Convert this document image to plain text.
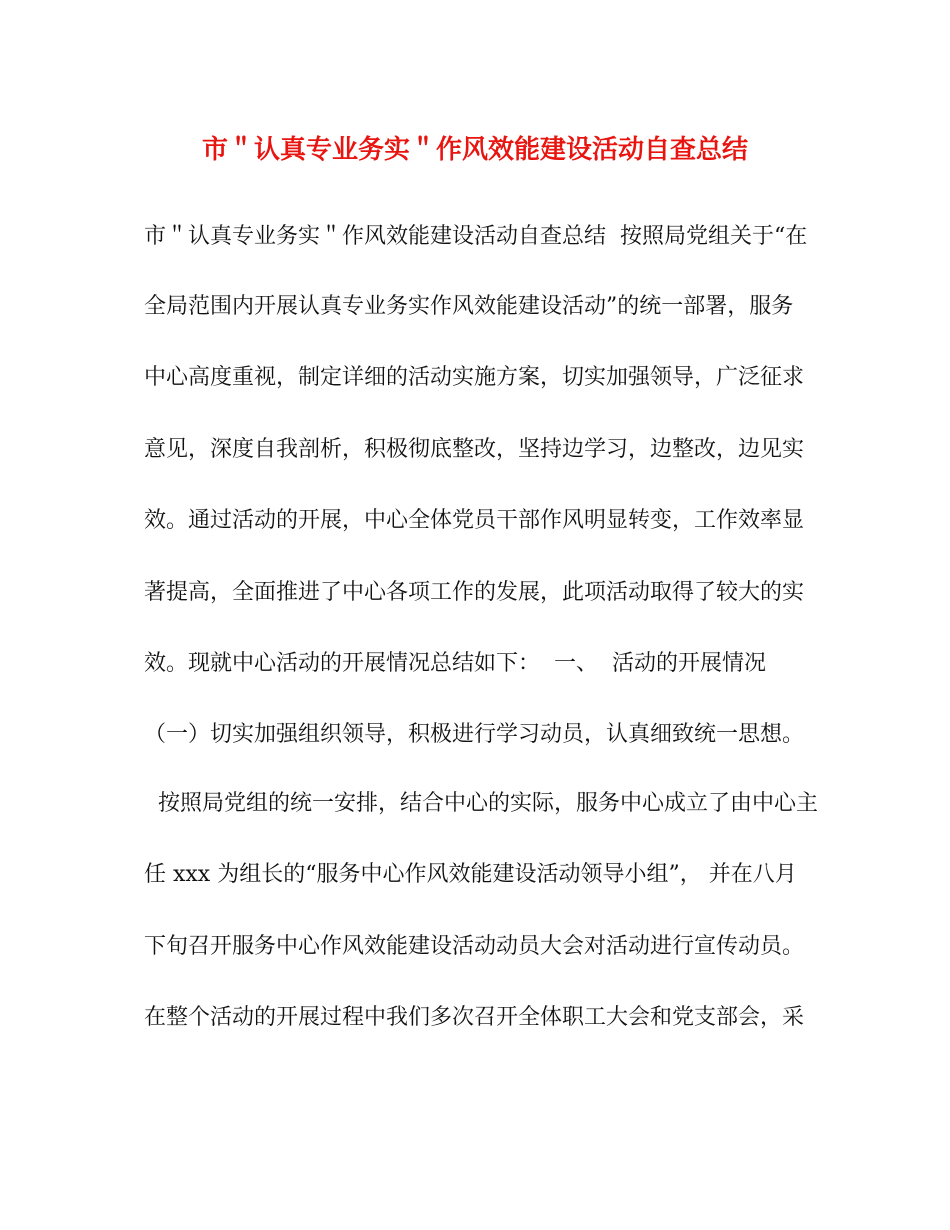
市＂认真专业务实＂作风效能建设活动自查总结
市＂认真专业务实＂作风效能建设活动自查总结  按照局党组关于“在
全局范围内开展认真专业务实作风效能建设活动”的统一部署，服务
中心高度重视，制定详细的活动实施方案，切实加强领导，广泛征求
意见，深度自我剖析，积极彻底整改，坚持边学习，边整改，边见实
效。通过活动的开展，中心全体党员干部作风明显转变，工作效率显
著提高，全面推进了中心各项工作的发展，此项活动取得了较大的实
效。现就中心活动的开展情况总结如下：  一、  活动的开展情况
（一）切实加强组织领导，积极进行学习动员，认真细致统一思想。
按照局党组的统一安排，结合中心的实际，服务中心成立了由中心主
任 xxx 为组长的“服务中心作风效能建设活动领导小组”， 并在八月
下旬召开服务中心作风效能建设活动动员大会对活动进行宣传动员。
在整个活动的开展过程中我们多次召开全体职工大会和党支部会，采
